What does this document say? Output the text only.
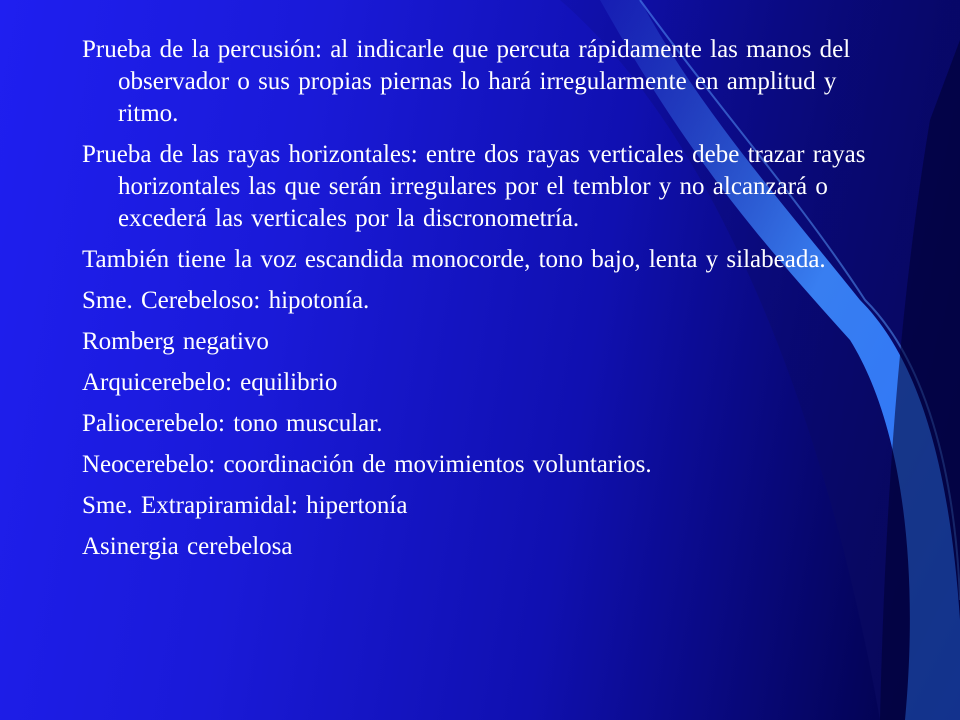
Prueba de la percusión: al indicarle que percuta rápidamente las manos del observador o sus propias piernas lo hará irregularmente en amplitud y ritmo.

Prueba de las rayas horizontales: entre dos rayas verticales debe trazar rayas horizontales las que serán irregulares por el temblor y no alcanzará o excederá las verticales por la discronometría.

También tiene la voz escandida monocorde, tono bajo, lenta y silabeada.

Sme. Cerebeloso: hipotonía.

Romberg negativo

Arquicerebelo: equilibrio

Paliocerebelo: tono muscular.

Neocerebelo: coordinación de movimientos voluntarios.

Sme. Extrapiramidal: hipertonía

Asinergia cerebelosa
